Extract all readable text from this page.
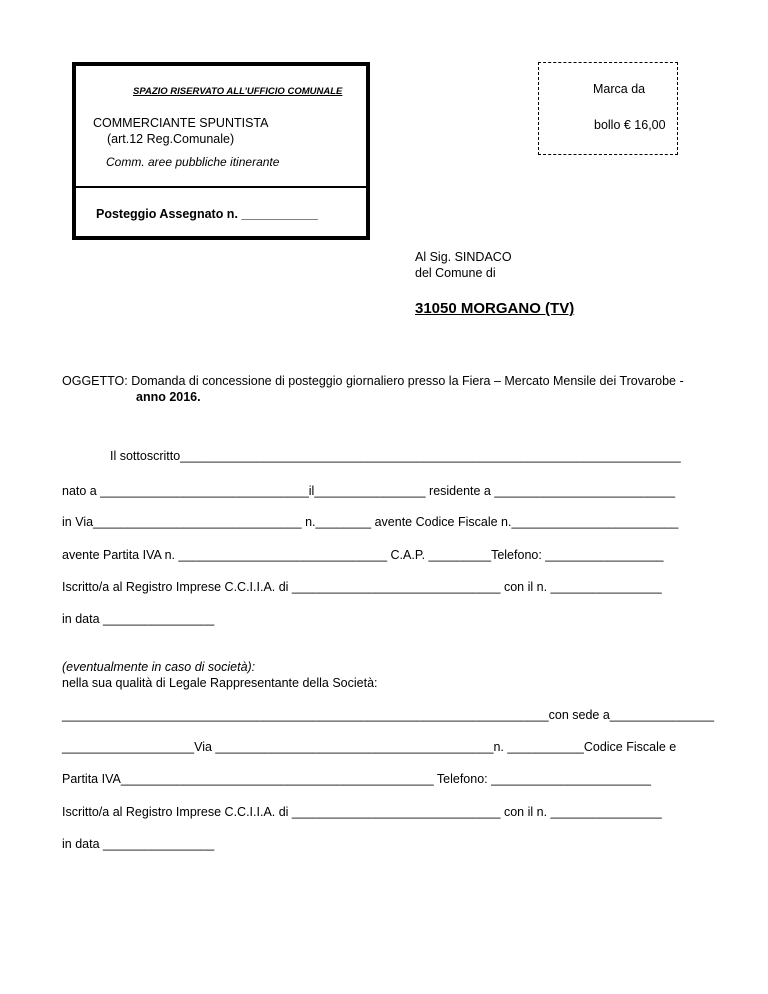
SPAZIO RISERVATO ALL’UFFICIO COMUNALE
COMMERCIANTE SPUNTISTA
(art.12 Reg.Comunale)
Comm. aree pubbliche itinerante
Posteggio Assegnato n. ___________
Marca da
bollo € 16,00
Al Sig. SINDACO
del Comune di
31050 MORGANO (TV)
OGGETTO: Domanda di concessione di posteggio giornaliero presso la Fiera – Mercato Mensile dei Trovarobe -
anno 2016.
Il sottoscritto________________________________________________________________________
nato a ______________________________il________________ residente a __________________________
in Via______________________________ n.________ avente Codice Fiscale n.________________________
avente Partita IVA n. ______________________________ C.A.P. _________Telefono: _________________
Iscritto/a al Registro Imprese C.C.I.I.A. di ______________________________ con il n. ________________
in data ________________
(eventualmente in caso di società):
nella sua qualità di Legale Rappresentante della Società:
______________________________________________________________________con sede a_______________
___________________Via ________________________________________n. ___________Codice Fiscale e
Partita IVA_____________________________________________ Telefono: _______________________
Iscritto/a al Registro Imprese C.C.I.I.A. di ______________________________ con il n. ________________
in data ________________
